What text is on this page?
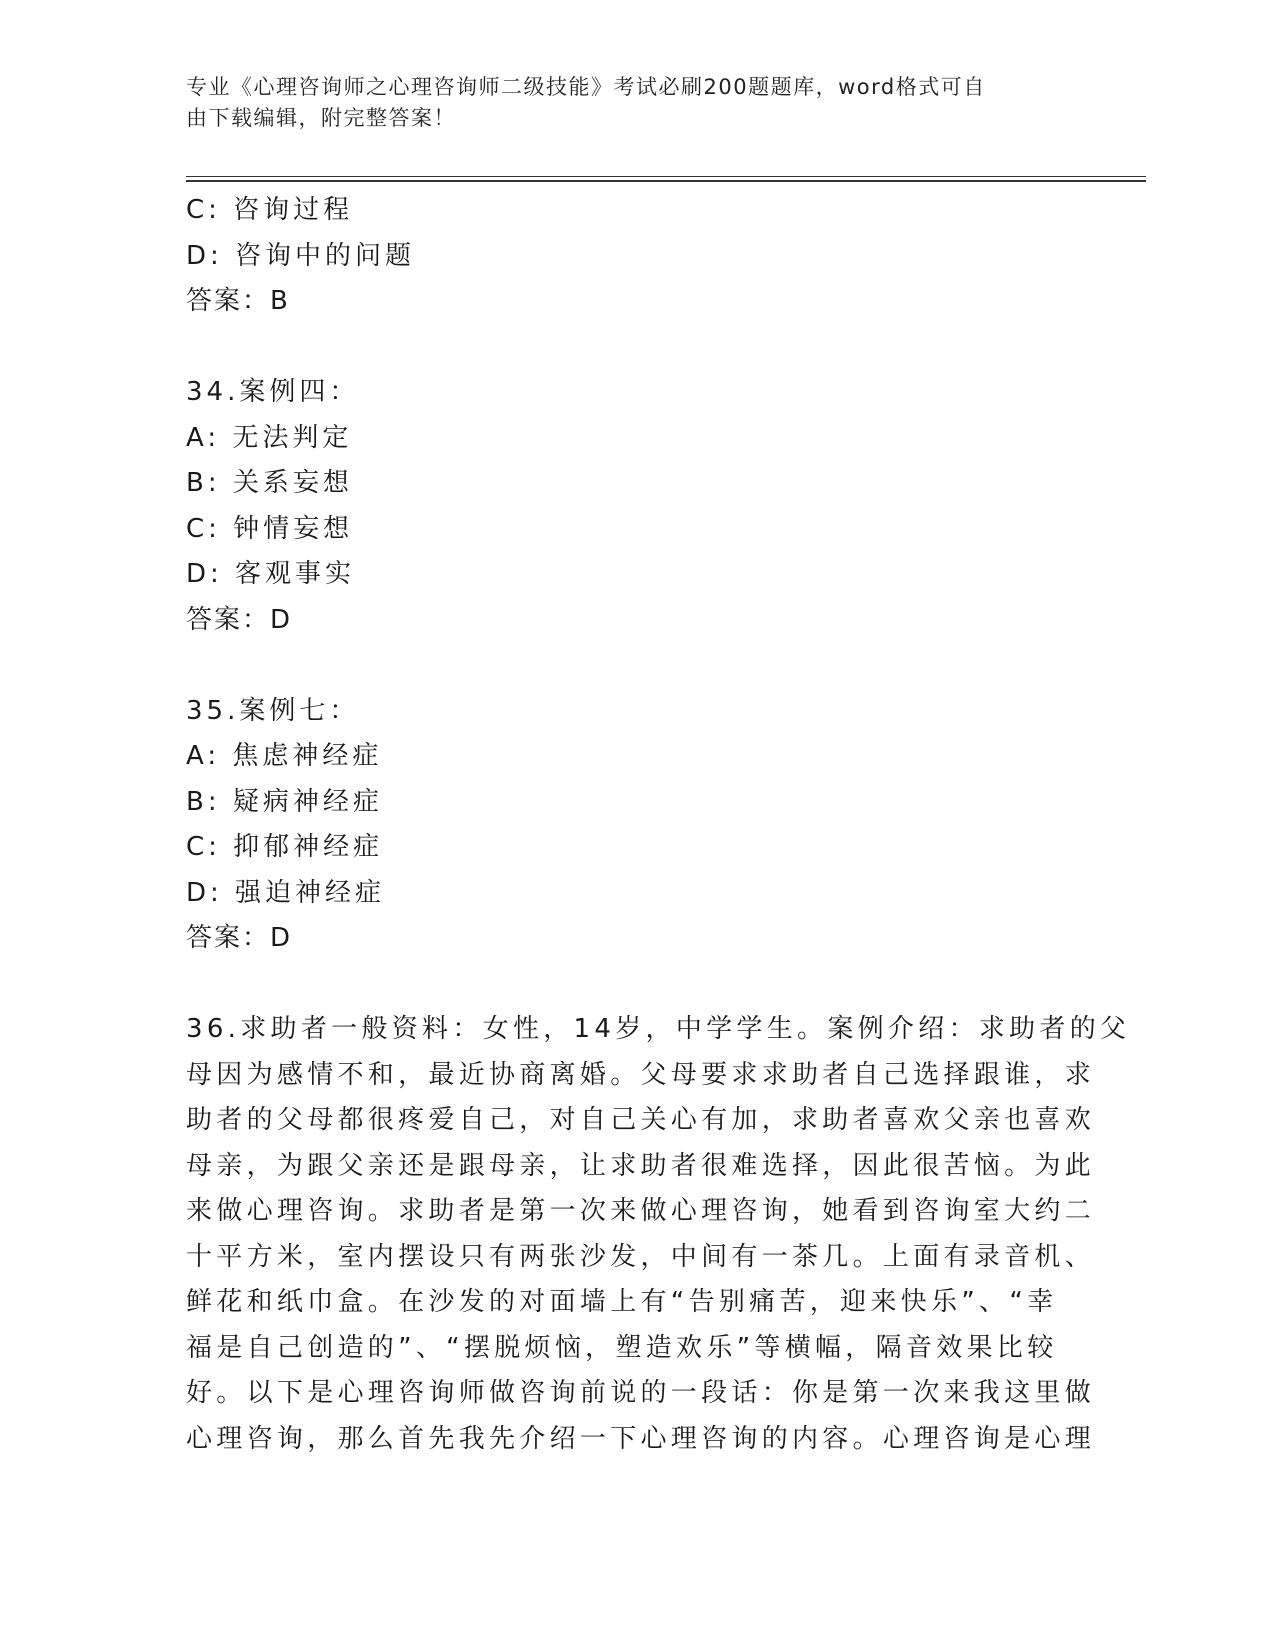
专业《心理咨询师之心理咨询师二级技能》考试必刷200题题库，word格式可自
由下载编辑，附完整答案！
C: 咨询过程
D: 咨询中的问题
答案：B
34.案例四：
A: 无法判定
B: 关系妄想
C: 钟情妄想
D: 客观事实
答案：D
35.案例七：
A: 焦虑神经症
B: 疑病神经症
C: 抑郁神经症
D: 强迫神经症
答案：D
36.求助者一般资料：女性，14岁，中学学生。案例介绍：求助者的父
母因为感情不和，最近协商离婚。父母要求求助者自己选择跟谁，求
助者的父母都很疼爱自己，对自己关心有加，求助者喜欢父亲也喜欢
母亲，为跟父亲还是跟母亲，让求助者很难选择，因此很苦恼。为此
来做心理咨询。求助者是第一次来做心理咨询，她看到咨询室大约二
十平方米，室内摆设只有两张沙发，中间有一茶几。上面有录音机、
鲜花和纸巾盒。在沙发的对面墙上有“告别痛苦，迎来快乐”、“幸
福是自己创造的”、“摆脱烦恼，塑造欢乐”等横幅，隔音效果比较
好。以下是心理咨询师做咨询前说的一段话：你是第一次来我这里做
心理咨询，那么首先我先介绍一下心理咨询的内容。心理咨询是心理
